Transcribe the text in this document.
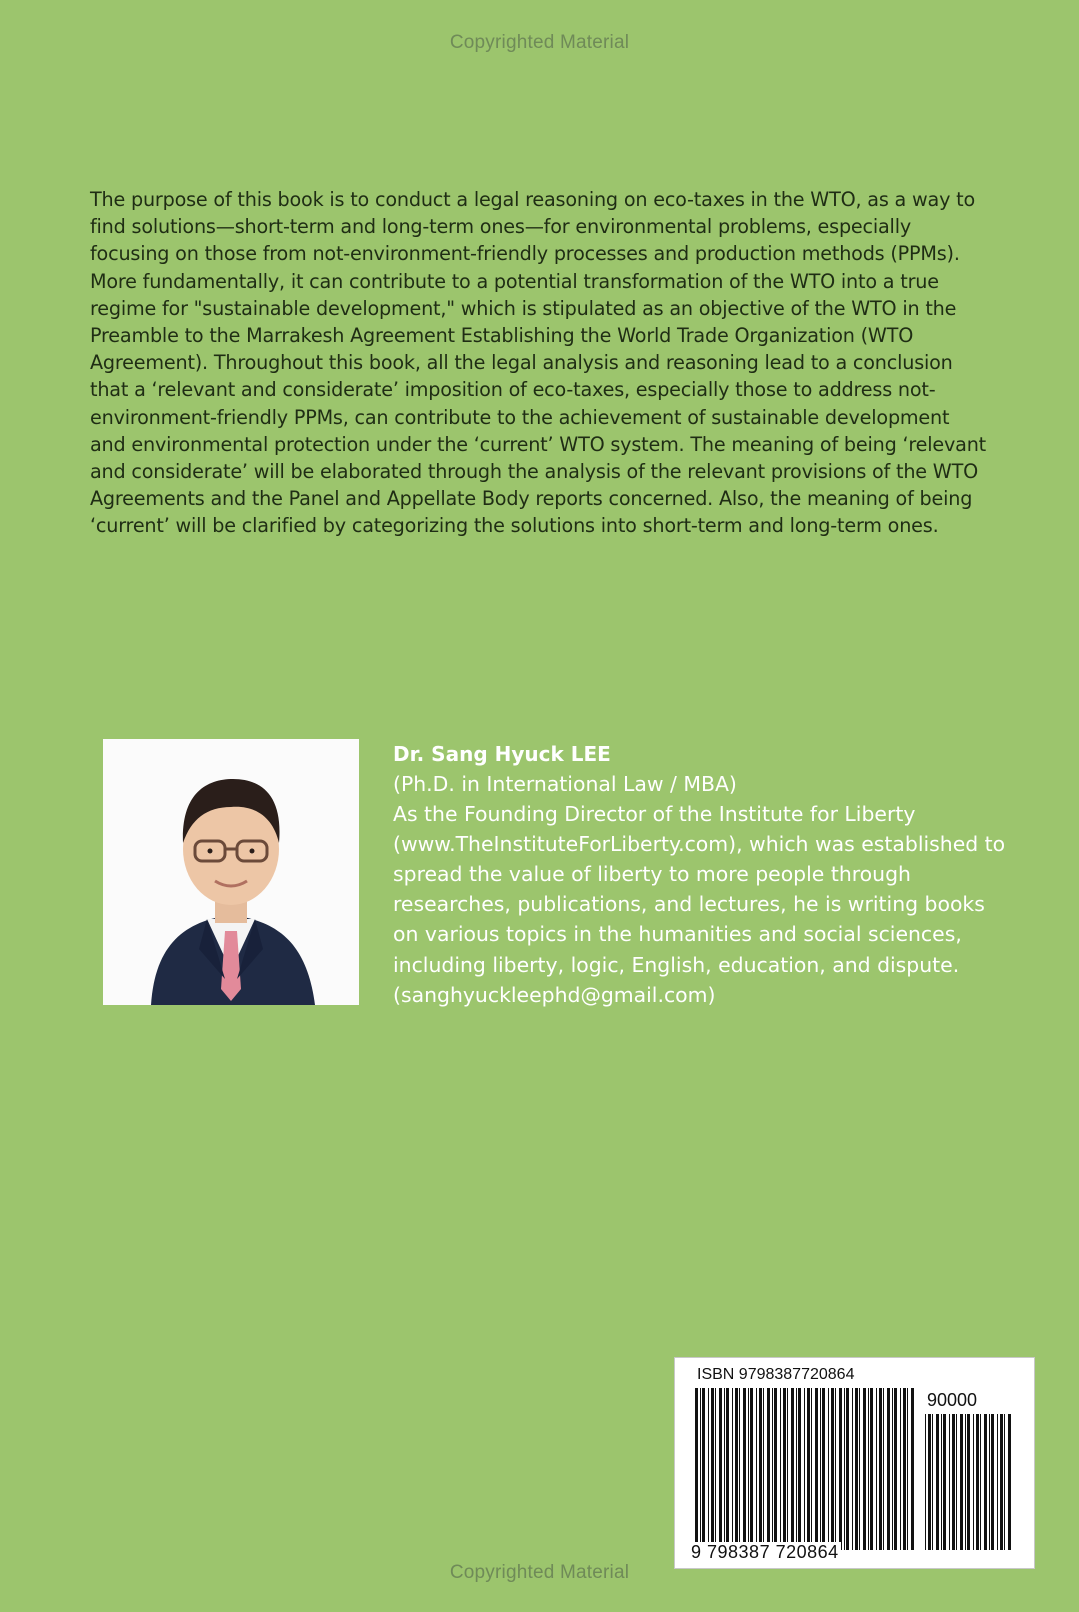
Copyrighted Material

The purpose of this book is to conduct a legal reasoning on eco-taxes in the WTO, as a way to find solutions—short-term and long-term ones—for environmental problems, especially focusing on those from not-environment-friendly processes and production methods (PPMs). More fundamentally, it can contribute to a potential transformation of the WTO into a true regime for "sustainable development," which is stipulated as an objective of the WTO in the Preamble to the Marrakesh Agreement Establishing the World Trade Organization (WTO Agreement). Throughout this book, all the legal analysis and reasoning lead to a conclusion that a ‘relevant and considerate’ imposition of eco-taxes, especially those to address not-environment-friendly PPMs, can contribute to the achievement of sustainable development and environmental protection under the ‘current’ WTO system. The meaning of being ‘relevant and considerate’ will be elaborated through the analysis of the relevant provisions of the WTO Agreements and the Panel and Appellate Body reports concerned. Also, the meaning of being ‘current’ will be clarified by categorizing the solutions into short-term and long-term ones.

Dr. Sang Hyuck LEE

(Ph.D. in International Law / MBA)
As the Founding Director of the Institute for Liberty (www.TheInstituteForLiberty.com), which was established to spread the value of liberty to more people through researches, publications, and lectures, he is writing books on various topics in the humanities and social sciences, including liberty, logic, English, education, and dispute.
(sanghyuckleephd@gmail.com)

ISBN 9798387720864
90000
9 798387 720864
Copyrighted Material
